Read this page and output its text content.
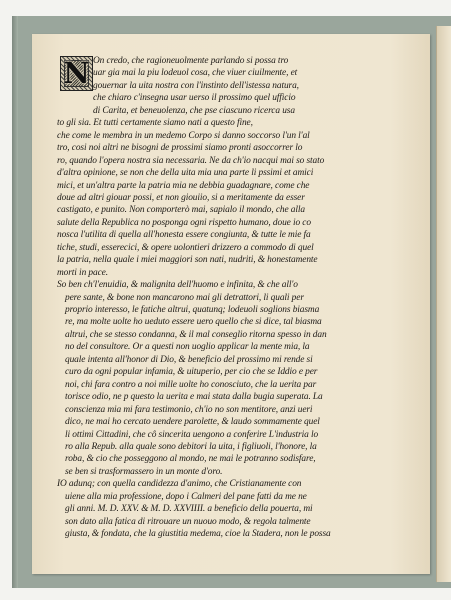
N On credo, che ragioneuolmente parlando si possa tro
uar gia mai la piu lodeuol cosa, che viuer ciuilmente, et
gouernar la uita nostra con l'instinto dell'istessa natura,
che chiaro c'insegna usar uerso il prossimo quel ufficio
di Carita, et beneuolenza, che pse ciascuno ricerca usa
to gli sia. Et tutti certamente siamo nati a questo fine,
che come le membra in un medemo Corpo si danno soccorso l'un l'al
tro, cosi noi altri ne bisogni de prossimi siamo pronti asoccorrer lo
ro, quando l'opera nostra sia necessaria. Ne da ch'io nacqui mai so stato
d'altra opinione, se non che della uita mia una parte li pssimi et amici
mici, et un'altra parte la patria mia ne debbia guadagnare, come che
doue ad altri giouar possi, et non giouiio, si a meritamente da esser
castigato, e punito. Non comporterò mai, sapialo il mondo, che alla
salute della Republica no posponga ogni rispetto humano, doue io co
nosca l'utilita di quella all'honesta essere congiunta, & tutte le mie fa
tiche, studi, esserecici, & opere uolontieri drizzero a commodo di quel
la patria, nella quale i miei maggiori son nati, nudriti, & honestamente
morti in pace.
So ben ch'l'enuidia, & malignita dell'huomo e infinita, & che all'o
pere sante, & bone non mancarono mai gli detrattori, li quali per
proprio interesso, le fatiche altrui, quatunq; lodeuoli soglions biasma
re, ma molte uolte ho ueduto essere uero quello che si dice, tal biasma
altrui, che se stesso condanna, & il mal conseglio ritorna spesso in dan
no del consultore. Or a questi non uoglio applicar la mente mia, la
quale intenta all'honor di Dio, & beneficio del prossimo mi rende si
curo da ogni popular infamia, & uituperio, per cio che se Iddio e per
noi, chi fara contro a noi mille uolte ho conosciuto, che la uerita par
torisce odio, ne p questo la uerita e mai stata dalla bugia superata. La
conscienza mia mi fara testimonio, ch'io no son mentitore, anzi ueri
dico, ne mai ho cercato uendere parolette, & laudo sommamente quel
li ottimi Cittadini, che cô sincerita uengono a conferire L'industria lo
ro alla Repub. alla quale sono debitori la uita, i figliuoli, l'honore, la
roba, & cio che posseggono al mondo, ne mai le potranno sodisfare,
se ben si trasformassero in un monte d'oro.
IO adunq; con quella candidezza d'animo, che Cristianamente con
uiene alla mia professione, dopo i Calmeri del pane fatti da me ne
gli anni. M. D. XXV. & M. D. XXVIIII. a beneficio della pouerta, mi
son dato alla fatica di ritrouare un nuouo modo, & regola talmente
giusta, & fondata, che la giustitia medema, cioe la Stadera, non le possa
